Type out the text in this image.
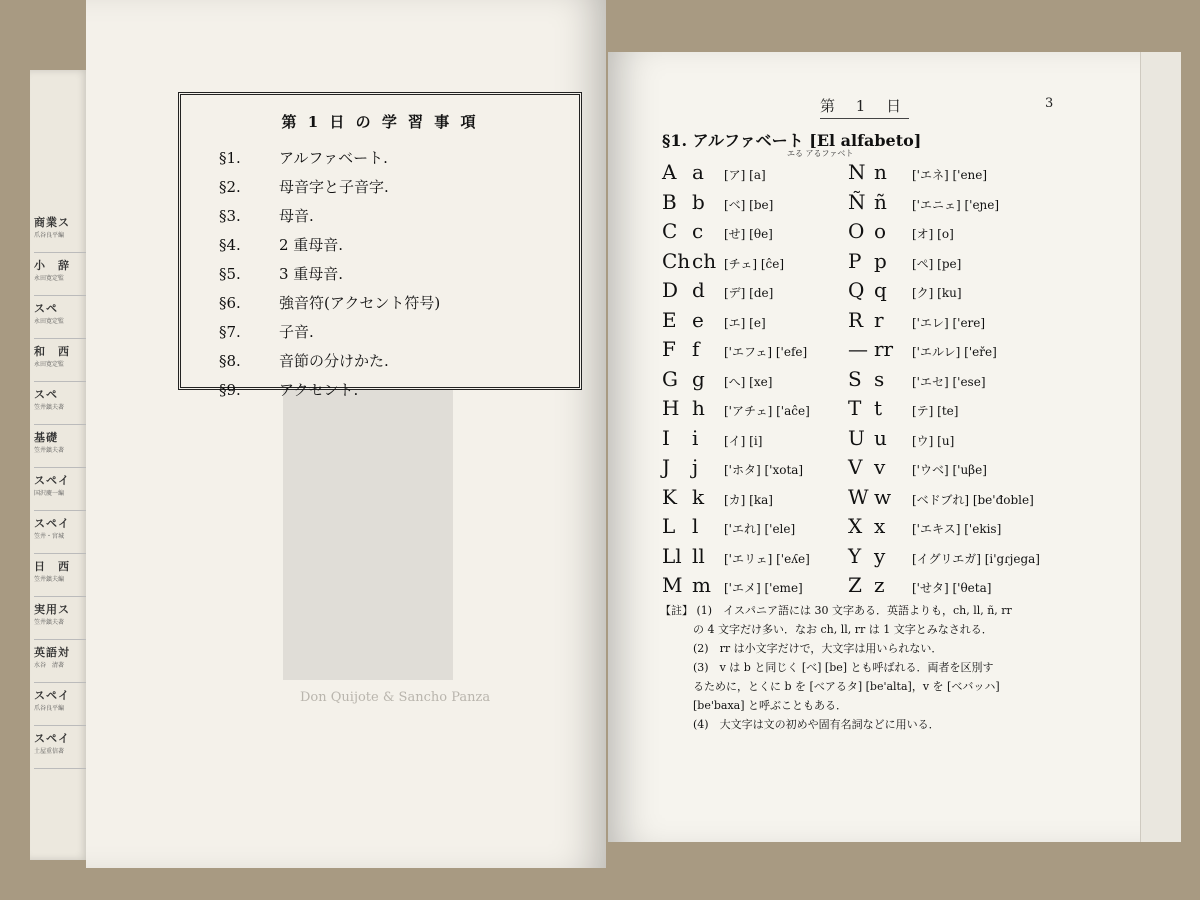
商業ス
爪谷良平編
小　辞
永田寛定監
スペ
永田寛定監
和　西
永田寛定監
スペ
笠井鎮夫著
基礎
笠井鎮夫著
スペイ
国沢慶一編
スペイ
笠井・宮城
日　西
笠井鎮夫編
実用ス
笠井鎮夫著
英語対
水谷　清著
スペイ
爪谷良平編
スペイ
土屋重信著
Don Quijote & Sancho Panza
第 1 日 の 学 習 事 項
§1.	アルファベート.
§2.	母音字と子音字.
§3.	母音.
§4.	2 重母音.
§5.	3 重母音.
§6.	強音符(アクセント符号)
§7.	子音.
§8.	音節の分けかた.
§9.	アクセント.
第 1 日	3
§1. アルファベート [El alfabeto]
エる アるファベト
A a [ア] [a]	N n ['エネ] ['ene]
B b [ベ] [be]	Ñ ñ ['エニェ] ['eɲe]
C c [せ] [θe]	O o [オ] [o]
Ch ch [チェ] [ĉe]	P p [ペ] [pe]
D d [デ] [de]	Q q [ク] [ku]
E e [エ] [e]	R r ['エレ] ['ere]
F f ['エフェ] ['efe] — rr ['エルレ] ['eře]
G g [へ] [xe]	S s ['エセ] ['ese]
H h ['アチェ] ['aĉe] T t [テ] [te]
I i [イ] [i]	U u [ウ] [u]
J j ['ホタ] ['xota] V v ['ウベ] ['uβe]
K k [カ] [ka]	W w [ベドブれ] [be'đoble]
L l ['エれ] ['ele]	X x ['エキス] ['ekis]
Ll ll ['エリェ] ['eʎe] Y y [イグリエガ] [i'gɾjega]
M m ['エメ] ['eme] Z z ['せタ] ['θeta]

【註】 (1)　イスパニア語には 30 文字ある．英語よりも，ch, ll, ñ, rr

　　　の 4 文字だけ多い．なお ch, ll, rr は 1 文字とみなされる．

　　　(2)　rr は小文字だけで，大文字は用いられない．

　　　(3)　v は b と同じく [べ] [be] とも呼ばれる．両者を区別す

　　　るために，とくに b を [べアるタ] [be'alta]，v を [べバッハ]

　　　[be'baxa] と呼ぶこともある．

　　　(4)　大文字は文の初めや固有名詞などに用いる．
